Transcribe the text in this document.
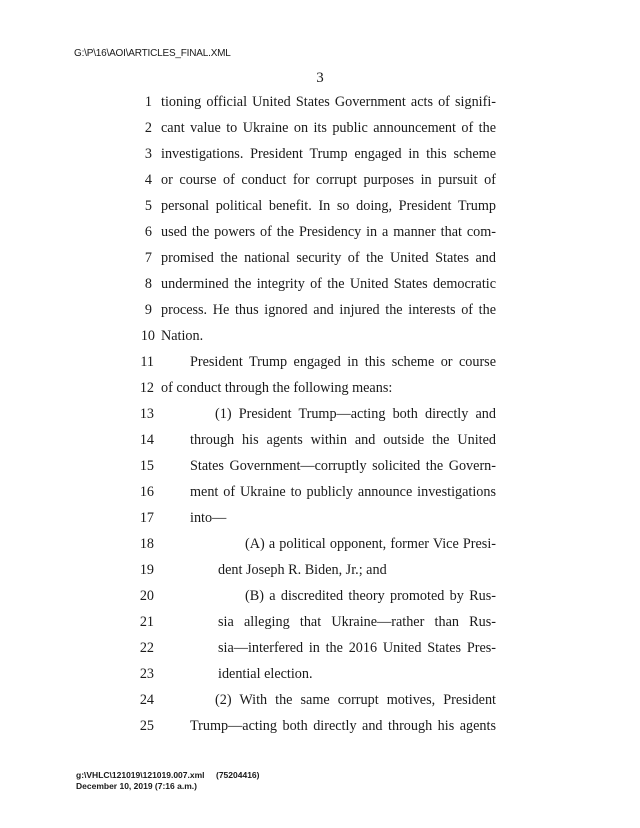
G:\P\16\AOI\ARTICLES_FINAL.XML
3
1 tioning official United States Government acts of signifi-
2 cant value to Ukraine on its public announcement of the
3 investigations. President Trump engaged in this scheme
4 or course of conduct for corrupt purposes in pursuit of
5 personal political benefit. In so doing, President Trump
6 used the powers of the Presidency in a manner that com-
7 promised the national security of the United States and
8 undermined the integrity of the United States democratic
9 process. He thus ignored and injured the interests of the
10 Nation.
11	President Trump engaged in this scheme or course
12 of conduct through the following means:
13	(1) President Trump—acting both directly and
14	through his agents within and outside the United
15	States Government—corruptly solicited the Govern-
16	ment of Ukraine to publicly announce investigations
17	into—
18	(A) a political opponent, former Vice Presi-
19	dent Joseph R. Biden, Jr.; and
20	(B) a discredited theory promoted by Rus-
21	sia alleging that Ukraine—rather than Rus-
22	sia—interfered in the 2016 United States Pres-
23	idential election.
24	(2) With the same corrupt motives, President
25	Trump—acting both directly and through his agents
g:\VHLC\121019\121019.007.xml
December 10, 2019 (7:16 a.m.)
(75204416)
